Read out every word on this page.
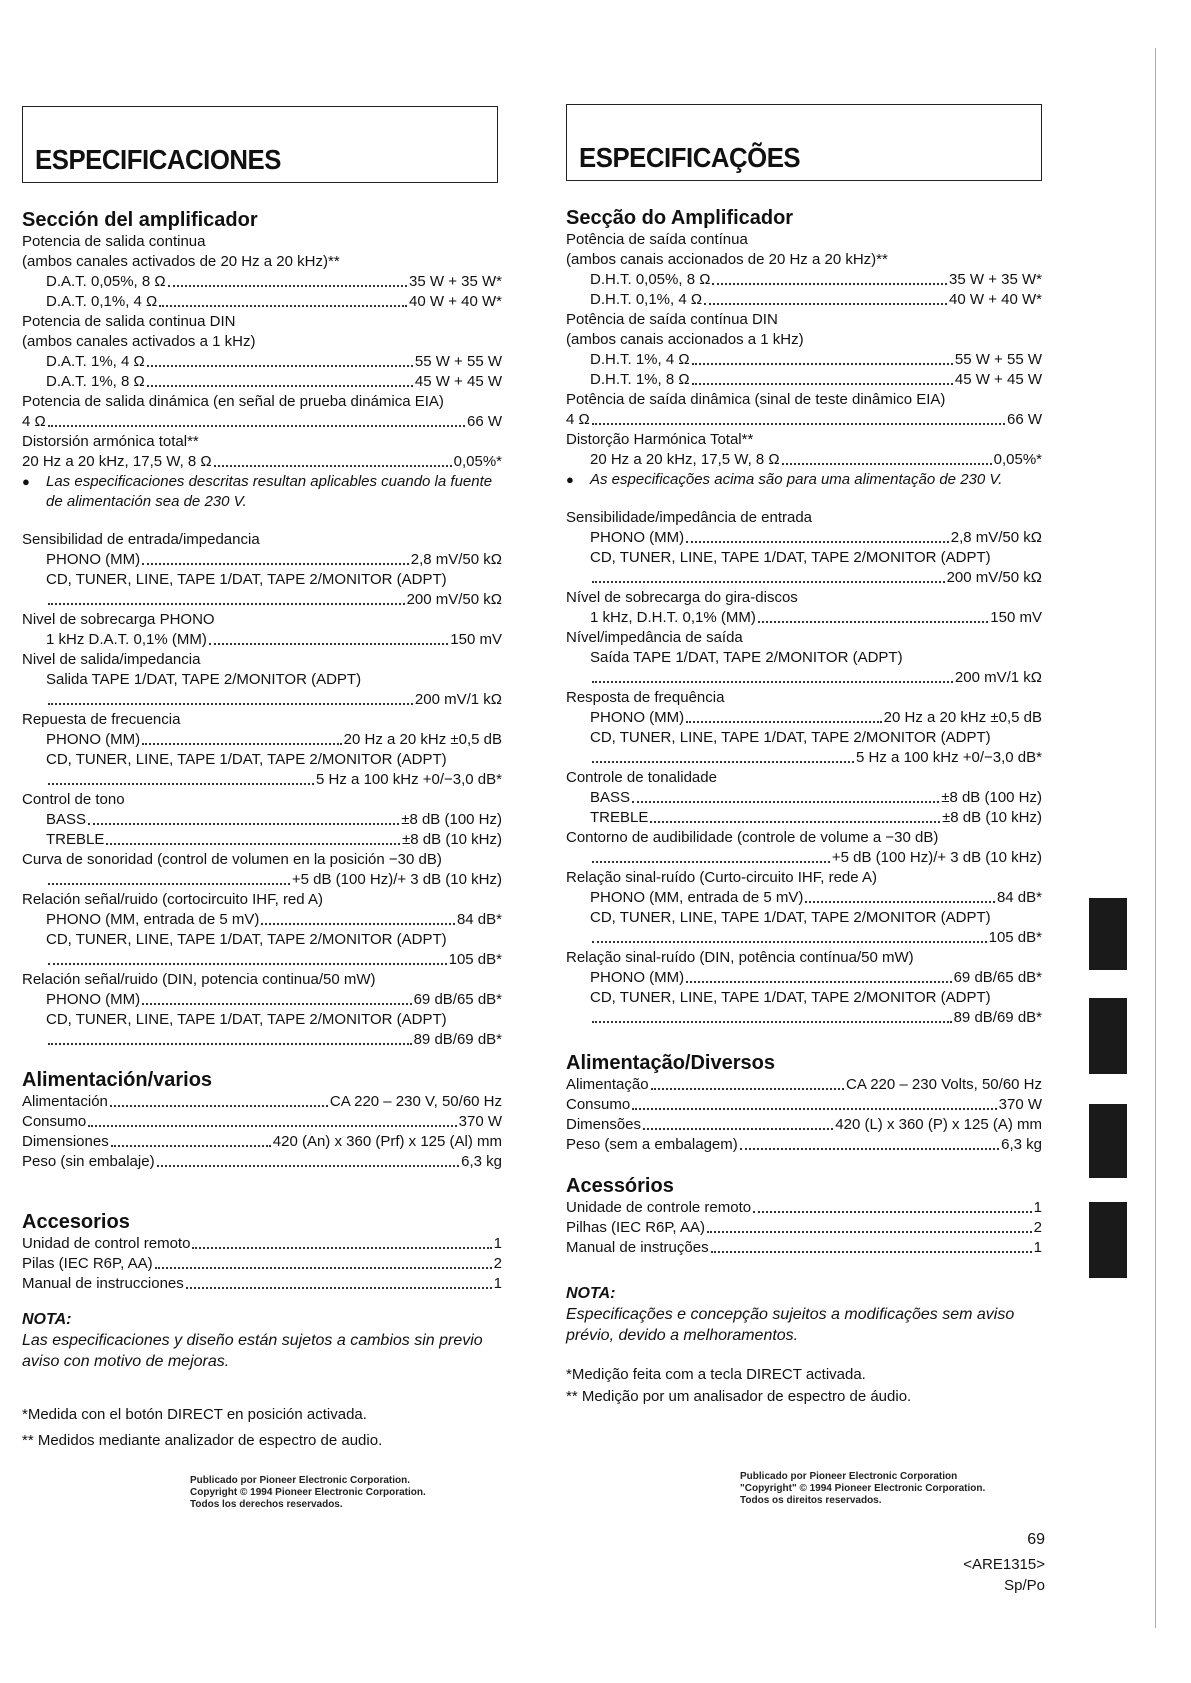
ESPECIFICACIONES
Sección del amplificador
Potencia de salida continua
(ambos canales activados de 20 Hz a 20 kHz)**
D.A.T. 0,05%, 8 Ω	35 W + 35 W*
D.A.T. 0,1%, 4 Ω	40 W + 40 W*
Potencia de salida continua DIN
(ambos canales activados a 1 kHz)
D.A.T. 1%, 4 Ω	55 W + 55 W
D.A.T. 1%, 8 Ω	45 W + 45 W
Potencia de salida dinámica (en señal de prueba dinámica EIA)
4 Ω	66 W
Distorsión armónica total**
20 Hz a 20 kHz, 17,5 W, 8 Ω	0,05%*
●	Las especificaciones descritas resultan aplicables cuando la fuente de alimentación sea de 230 V.
Sensibilidad de entrada/impedancia
PHONO (MM)	2,8 mV/50 kΩ
CD, TUNER, LINE, TAPE 1/DAT, TAPE 2/MONITOR (ADPT)
200 mV/50 kΩ
Nivel de sobrecarga PHONO
1 kHz D.A.T. 0,1% (MM)	150 mV
Nivel de salida/impedancia
Salida TAPE 1/DAT, TAPE 2/MONITOR (ADPT)
200 mV/1 kΩ
Repuesta de frecuencia
PHONO (MM)	20 Hz a 20 kHz ±0,5 dB
CD, TUNER, LINE, TAPE 1/DAT, TAPE 2/MONITOR (ADPT)
5 Hz a 100 kHz +0/−3,0 dB*
Control de tono
BASS	±8 dB (100 Hz)
TREBLE	±8 dB (10 kHz)
Curva de sonoridad (control de volumen en la posición −30 dB)
+5 dB (100 Hz)/+ 3 dB (10 kHz)
Relación señal/ruido (cortocircuito IHF, red A)
PHONO (MM, entrada de 5 mV)	84 dB*
CD, TUNER, LINE, TAPE 1/DAT, TAPE 2/MONITOR (ADPT)
105 dB*
Relación señal/ruido (DIN, potencia continua/50 mW)
PHONO (MM)	69 dB/65 dB*
CD, TUNER, LINE, TAPE 1/DAT, TAPE 2/MONITOR (ADPT)
89 dB/69 dB*
Alimentación/varios
Alimentación	CA 220 – 230 V, 50/60 Hz
Consumo	370 W
Dimensiones	420 (An) x 360 (Prf) x 125 (Al) mm
Peso (sin embalaje)	6,3 kg
Accesorios
Unidad de control remoto	1
Pilas (IEC R6P, AA)	2
Manual de instrucciones	1
NOTA:
Las especificaciones y diseño están sujetos a cambios sin previo aviso con motivo de mejoras.
*Medida con el botón DIRECT en posición activada.
** Medidos mediante analizador de espectro de audio.
Publicado por Pioneer Electronic Corporation.
Copyright © 1994 Pioneer Electronic Corporation.
Todos los derechos reservados.
ESPECIFICAÇÕES
Secção do Amplificador
Potência de saída contínua
(ambos canais accionados de 20 Hz a 20 kHz)**
D.H.T. 0,05%, 8 Ω	35 W + 35 W*
D.H.T. 0,1%, 4 Ω	40 W + 40 W*
Potência de saída contínua DIN
(ambos canais accionados a 1 kHz)
D.H.T. 1%, 4 Ω	55 W + 55 W
D.H.T. 1%, 8 Ω	45 W + 45 W
Potência de saída dinâmica (sinal de teste dinâmico EIA)
4 Ω	66 W
Distorção Harmónica Total**
20 Hz a 20 kHz, 17,5 W, 8 Ω	0,05%*
●	As especificações acima são para uma alimentação de 230 V.
Sensibilidade/impedância de entrada
PHONO (MM)	2,8 mV/50 kΩ
CD, TUNER, LINE, TAPE 1/DAT, TAPE 2/MONITOR (ADPT)
200 mV/50 kΩ
Nível de sobrecarga do gira-discos
1 kHz, D.H.T. 0,1% (MM)	150 mV
Nível/impedância de saída
Saída TAPE 1/DAT, TAPE 2/MONITOR (ADPT)
200 mV/1 kΩ
Resposta de frequência
PHONO (MM)	20 Hz a 20 kHz ±0,5 dB
CD, TUNER, LINE, TAPE 1/DAT, TAPE 2/MONITOR (ADPT)
5 Hz a 100 kHz +0/−3,0 dB*
Controle de tonalidade
BASS	±8 dB (100 Hz)
TREBLE	±8 dB (10 kHz)
Contorno de audibilidade (controle de volume a −30 dB)
+5 dB (100 Hz)/+ 3 dB (10 kHz)
Relação sinal-ruído (Curto-circuito IHF, rede A)
PHONO (MM, entrada de 5 mV)	84 dB*
CD, TUNER, LINE, TAPE 1/DAT, TAPE 2/MONITOR (ADPT)
105 dB*
Relação sinal-ruído (DIN, potência contínua/50 mW)
PHONO (MM)	69 dB/65 dB*
CD, TUNER, LINE, TAPE 1/DAT, TAPE 2/MONITOR (ADPT)
89 dB/69 dB*
Alimentação/Diversos
Alimentação	CA 220 – 230 Volts, 50/60 Hz
Consumo	370 W
Dimensões	420 (L) x 360 (P) x 125 (A) mm
Peso (sem a embalagem)	6,3 kg
Acessórios
Unidade de controle remoto	1
Pilhas (IEC R6P, AA)	2
Manual de instruções	1
NOTA:
Especificações e concepção sujeitos a modificações sem aviso prévio, devido a melhoramentos.
*Medição feita com a tecla DIRECT activada.
** Medição por um analisador de espectro de áudio.
Publicado por Pioneer Electronic Corporation
"Copyright" © 1994 Pioneer Electronic Corporation.
Todos os direitos reservados.
69
<ARE1315>
Sp/Po
